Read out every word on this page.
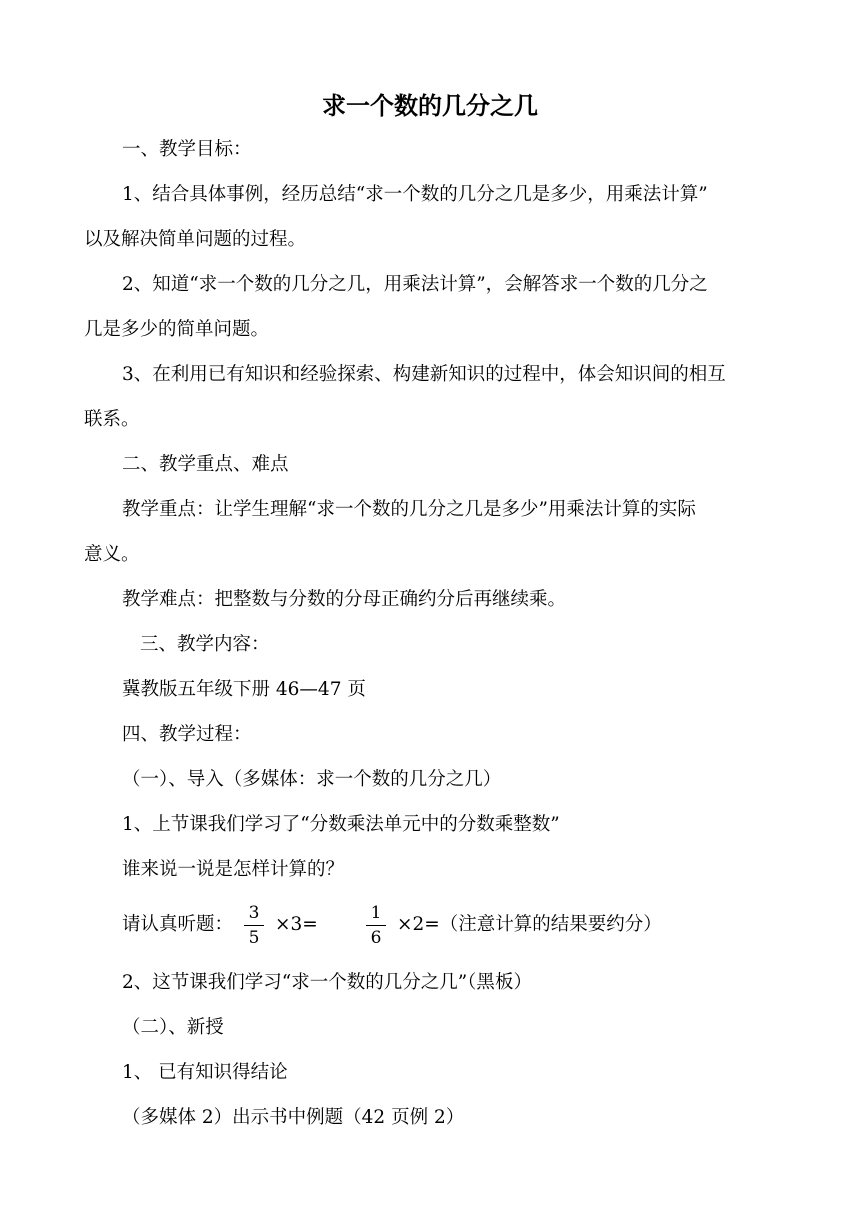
求一个数的几分之几
一、教学目标：
1、结合具体事例，经历总结“求一个数的几分之几是多少，用乘法计算”
以及解决简单问题的过程。
2、知道“求一个数的几分之几，用乘法计算”，会解答求一个数的几分之
几是多少的简单问题。
3、在利用已有知识和经验探索、构建新知识的过程中，体会知识间的相互
联系。
二、教学重点、难点
教学重点：让学生理解“求一个数的几分之几是多少”用乘法计算的实际
意义。
教学难点：把整数与分数的分母正确约分后再继续乘。
三、教学内容：
冀教版五年级下册 46—47 页
四、教学过程：
（一）、导入（多媒体：求一个数的几分之几）
1、上节课我们学习了“分数乘法单元中的分数乘整数”
谁来说一说是怎样计算的？
请认真听题：
3
5
×3=
1
6
×2=（注意计算的结果要约分）
2、这节课我们学习“求一个数的几分之几”（黑板）
（二）、新授
1、 已有知识得结论
（多媒体 2）出示书中例题（42 页例 2）
